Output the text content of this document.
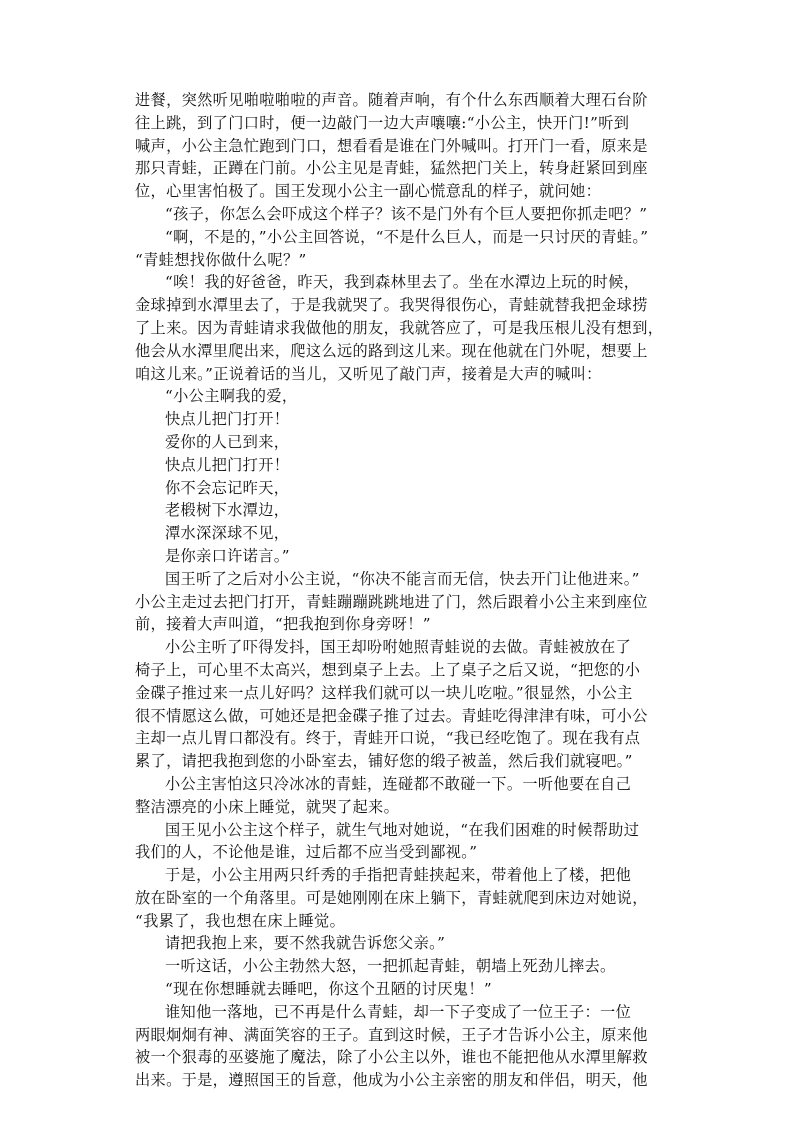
进餐，突然听见啪啦啪啦的声音。随着声响，有个什么东西顺着大理石台阶
往上跳，到了门口时，便一边敲门一边大声嚷嚷:“小公主，快开门!”听到
喊声，小公主急忙跑到门口，想看看是谁在门外喊叫。打开门一看，原来是
那只青蛙，正蹲在门前。小公主见是青蛙，猛然把门关上，转身赶紧回到座
位，心里害怕极了。国王发现小公主一副心慌意乱的样子，就问她：
“孩子，你怎么会吓成这个样子？该不是门外有个巨人要把你抓走吧？”
“啊，不是的，”小公主回答说，“不是什么巨人，而是一只讨厌的青蛙。”
“青蛙想找你做什么呢？”
“唉！我的好爸爸，昨天，我到森林里去了。坐在水潭边上玩的时候，
金球掉到水潭里去了，于是我就哭了。我哭得很伤心，青蛙就替我把金球捞
了上来。因为青蛙请求我做他的朋友，我就答应了，可是我压根儿没有想到，
他会从水潭里爬出来，爬这么远的路到这儿来。现在他就在门外呢，想要上
咱这儿来。”正说着话的当儿，又听见了敲门声，接着是大声的喊叫：
“小公主啊我的爱，
快点儿把门打开！
爱你的人已到来，
快点儿把门打开！
你不会忘记昨天，
老椴树下水潭边，
潭水深深球不见，
是你亲口许诺言。”
国王听了之后对小公主说，“你决不能言而无信，快去开门让他进来。”
小公主走过去把门打开，青蛙蹦蹦跳跳地进了门，然后跟着小公主来到座位
前，接着大声叫道，“把我抱到你身旁呀！”
小公主听了吓得发抖，国王却吩咐她照青蛙说的去做。青蛙被放在了
椅子上，可心里不太高兴，想到桌子上去。上了桌子之后又说，“把您的小
金碟子推过来一点儿好吗？这样我们就可以一块儿吃啦。”很显然，小公主
很不情愿这么做，可她还是把金碟子推了过去。青蛙吃得津津有味，可小公
主却一点儿胃口都没有。终于，青蛙开口说，“我已经吃饱了。现在我有点
累了，请把我抱到您的小卧室去，铺好您的缎子被盖，然后我们就寝吧。”
小公主害怕这只冷冰冰的青蛙，连碰都不敢碰一下。一听他要在自己
整洁漂亮的小床上睡觉，就哭了起来。
国王见小公主这个样子，就生气地对她说，“在我们困难的时候帮助过
我们的人，不论他是谁，过后都不应当受到鄙视。”
于是，小公主用两只纤秀的手指把青蛙挟起来，带着他上了楼，把他
放在卧室的一个角落里。可是她刚刚在床上躺下，青蛙就爬到床边对她说，
“我累了，我也想在床上睡觉。
请把我抱上来，要不然我就告诉您父亲。”
一听这话，小公主勃然大怒，一把抓起青蛙，朝墙上死劲儿摔去。
“现在你想睡就去睡吧，你这个丑陋的讨厌鬼！”
谁知他一落地，已不再是什么青蛙，却一下子变成了一位王子：一位
两眼炯炯有神、满面笑容的王子。直到这时候，王子才告诉小公主，原来他
被一个狠毒的巫婆施了魔法，除了小公主以外，谁也不能把他从水潭里解救
出来。于是，遵照国王的旨意，他成为小公主亲密的朋友和伴侣，明天，他
